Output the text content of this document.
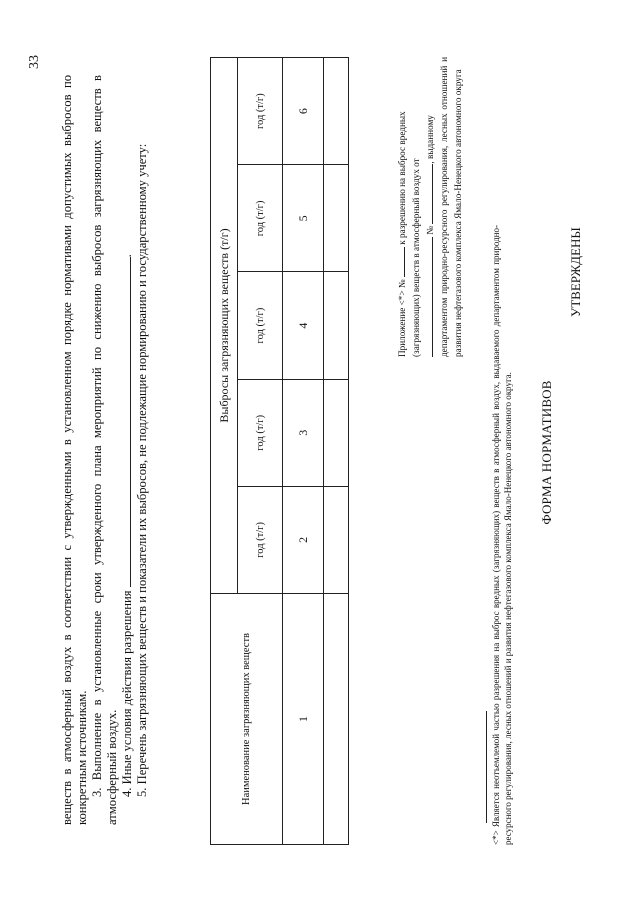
33

веществ в атмосферный воздух в соответствии с утвержденными в установленном порядке нормативами допустимых выбросов по конкретным источникам. 3. Выполнение в установленные сроки утвержденного плана мероприятий по снижению выбросов загрязняющих веществ в атмосферный воздух. 4. Иные условия действия разрешения . 5. Перечень загрязняющих веществ и показатели их выбросов, не подлежащие нормированию и государственному учету:	Наименование загрязняющих веществ	Выбросы загрязняющих веществ (т/г)				
	год (т/г)	год (т/г)	год (т/г)	год (т/г)	год (т/г)
1	2	3	4	5	6

Приложение <*> №  к разрешению на выброс вредных (загрязняющих) веществ в атмосферный воздух от № , выданному департаментом природно-ресурсного регулирования, лесных отношений и развития нефтегазового комплекса Ямало-Ненецкого автономного округа

ФОРМА НОРМАТИВОВ
УТВЕРЖДЕНЫ
<*> Является неотъемлемой частью разрешения на выброс вредных (загрязняющих) веществ в атмосферный воздух, выдаваемого департаментом природно-ресурсного регулирования, лесных отношений и развития нефтегазового комплекса Ямало-Ненецкого автономного округа.
